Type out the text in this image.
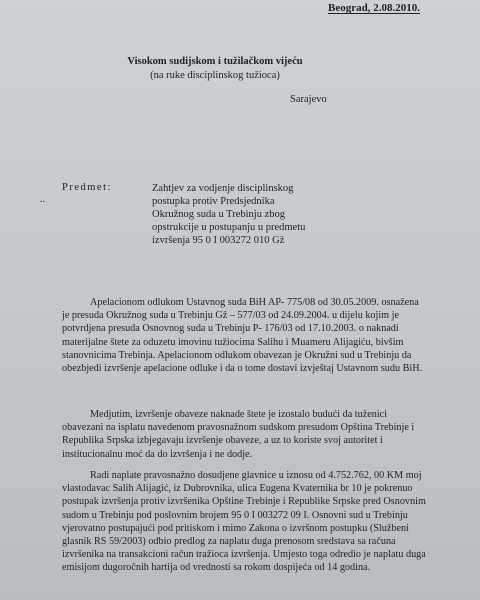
Beograd, 2.08.2010.
Visokom sudijskom i tužilačkom vijeću
(na ruke disciplinskog tužioca)
Sarajevo
..
Predmet:	Zahtjev za vodjenje disciplinskog
postupka protiv Predsjednika
Okružnog suda u Trebinju zbog
opstrukcije u postupanju u predmetu
izvršenja 95 0 I 003272 010 Gž
Apelacionom odlukom Ustavnog suda BiH AP- 775/08 od 30.05.2009. osnažena
je presuda Okružnog suda u Trebinju Gž – 577/03 od 24.09.2004. u dijelu kojim je
potvrdjena presuda Osnovnog suda u Trebinju P- 176/03 od 17.10.2003. o naknadi
materijalne štete za oduzetu imovinu tužiocima Salihu i Muameru Alijagiću, bivšim
stanovnicima Trebinja. Apelacionom odlukom obavezan je Okružni sud u Trebinju da
obezbjedi izvršenje apelacione odluke i da o tome dostavi izvještaj Ustavnom sudu BiH.
Medjutim, izvršenje obaveze naknade štete je izostalo budući da tuženici
obavezani na isplatu navedenom pravosnažnom sudskom presudom Opština Trebinje i
Republika Srpska izbjegavaju izvršenje obaveze, a uz to koriste svoj autoritet i
institucionalnu moć da do izvršenja i ne dodje.
Radi naplate pravosnažno dosudjene glavnice u iznosu od 4.752.762, 00 KM moj
vlastodavac Salih Alijagić, iz Dubrovnika, ulica Eugena Kvaternika br 10 je pokrenuo
postupak izvršenja protiv izvršenika Opštine Trebinje i Republike Srpske pred Osnovnim
sudom u Trebinju pod poslovnim brojem 95 0 I 003272 09 I. Osnovni sud u Trebinju
vjerovatno postupajući pod pritiskom i mimo Zakona o izvršnom postupku (Službeni
glasnik RS 59/2003) odbio predlog za naplatu duga prenosom sredstava sa računa
izvršenika na transakcioni račun tražioca izvršenja. Umjesto toga odredio je naplatu duga
emisijom dugoročnih hartija od vrednosti sa rokom dospijeća od 14 godina.
